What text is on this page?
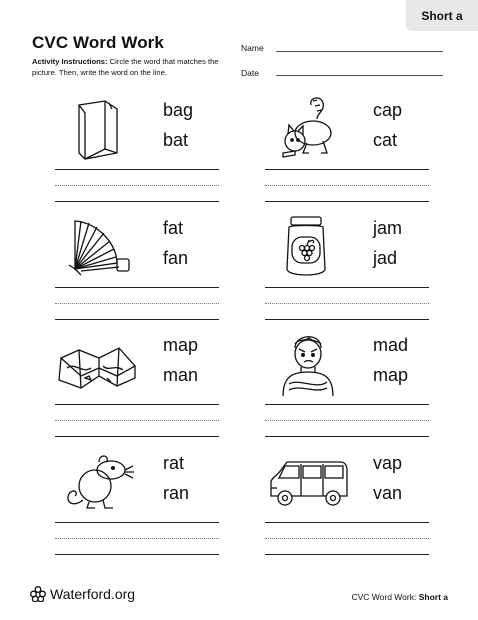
Short a
CVC Word Work
Activity Instructions: Circle the word that matches the picture. Then, write the word on the line.
Name
Date
bag
bat
cap
cat
fat
fan
jam
jad
map
man
mad
map
rat
ran
vap
van
Waterford.org	CVC Word Work: Short a
